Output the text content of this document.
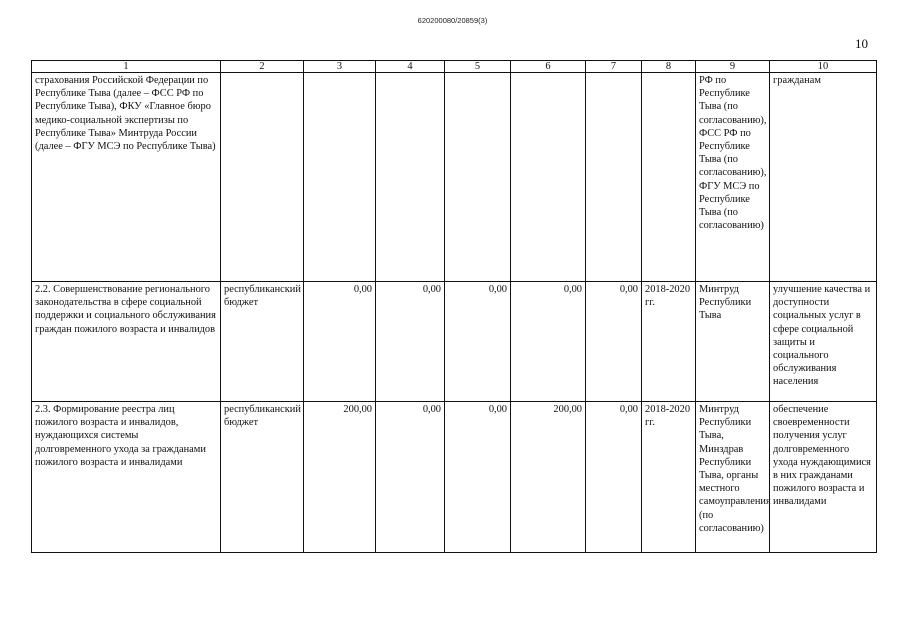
620200080/20859(3)
10
1	2	3	4	5	6	7	8	9	10
страхования Российской Федерации по Республике Тыва (далее – ФСС РФ по Республике Тыва), ФКУ «Главное бюро медико-социальной экспертизы по Республике Тыва» Минтруда России (далее – ФГУ МСЭ по Республике Тыва)								РФ по Республике Тыва (по согласованию), ФСС РФ по Республике Тыва (по согласованию), ФГУ МСЭ по Республике Тыва (по согласованию)	гражданам
2.2. Совершенствование регионального законодательства в сфере социальной поддержки и социального обслуживания граждан пожилого возраста и инвалидов	республиканский бюджет	0,00	0,00	0,00	0,00	0,00	2018-2020 гг.	Минтруд Республики Тыва	улучшение качества и доступности социальных услуг в сфере социальной защиты и социального обслуживания населения
2.3. Формирование реестра лиц пожилого возраста и инвалидов, нуждающихся системы долговременного ухода за гражданами пожилого возраста и инвалидами	республиканский бюджет	200,00	0,00	0,00	200,00	0,00	2018-2020 гг.	Минтруд Республики Тыва, Минздрав Республики Тыва, органы местного самоуправления (по согласованию)	обеспечение своевременности получения услуг долговременного ухода нуждающимися в них гражданами пожилого возраста и инвалидами
